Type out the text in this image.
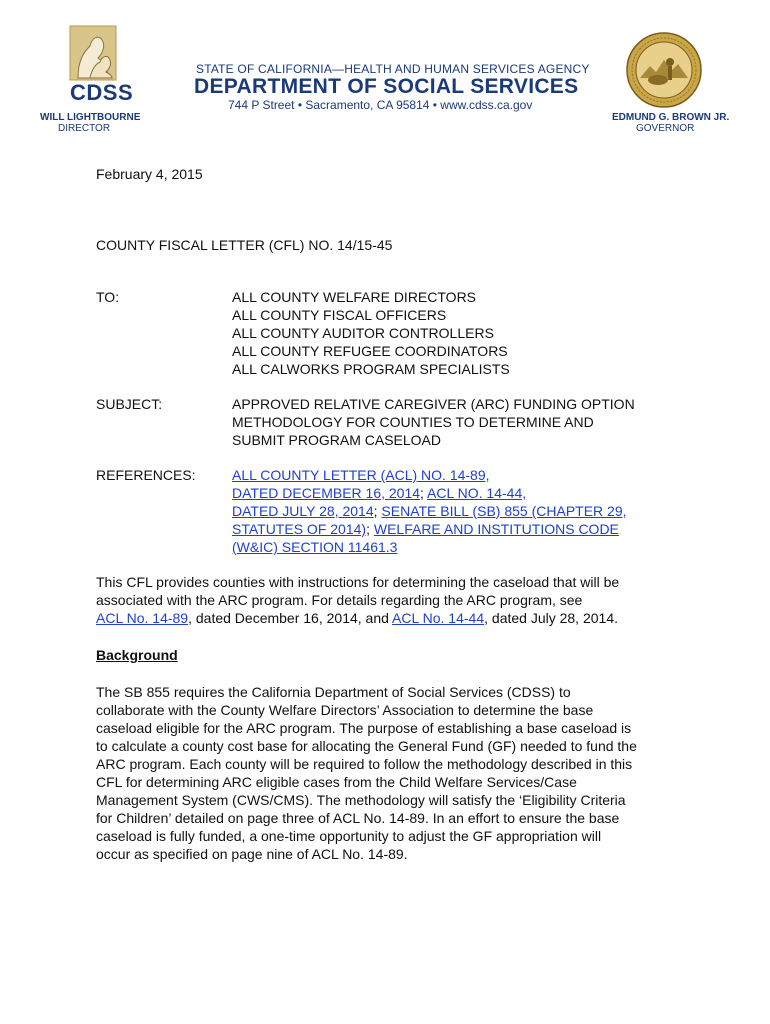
CDSS
WILL LIGHTBOURNE
DIRECTOR
STATE OF CALIFORNIA—HEALTH AND HUMAN SERVICES AGENCY
DEPARTMENT OF SOCIAL SERVICES
744 P Street • Sacramento, CA 95814 • www.cdss.ca.gov
EDMUND G. BROWN JR.
GOVERNOR
February 4, 2015
COUNTY FISCAL LETTER (CFL) NO. 14/15-45
TO:	ALL COUNTY WELFARE DIRECTORS
ALL COUNTY FISCAL OFFICERS
ALL COUNTY AUDITOR CONTROLLERS
ALL COUNTY REFUGEE COORDINATORS
ALL CALWORKS PROGRAM SPECIALISTS
SUBJECT:	APPROVED RELATIVE CAREGIVER (ARC) FUNDING OPTION
METHODOLOGY FOR COUNTIES TO DETERMINE AND
SUBMIT PROGRAM CASELOAD
REFERENCES:	ALL COUNTY LETTER (ACL) NO. 14-89,
DATED DECEMBER 16, 2014; ACL NO. 14-44,
DATED JULY 28, 2014; SENATE BILL (SB) 855 (CHAPTER 29,
STATUTES OF 2014); WELFARE AND INSTITUTIONS CODE
(W&IC) SECTION 11461.3
This CFL provides counties with instructions for determining the caseload that will be
associated with the ARC program. For details regarding the ARC program, see
ACL No. 14-89, dated December 16, 2014, and ACL No. 14-44, dated July 28, 2014.
Background
The SB 855 requires the California Department of Social Services (CDSS) to
collaborate with the County Welfare Directors’ Association to determine the base
caseload eligible for the ARC program. The purpose of establishing a base caseload is
to calculate a county cost base for allocating the General Fund (GF) needed to fund the
ARC program. Each county will be required to follow the methodology described in this
CFL for determining ARC eligible cases from the Child Welfare Services/Case
Management System (CWS/CMS). The methodology will satisfy the ‘Eligibility Criteria
for Children’ detailed on page three of ACL No. 14-89. In an effort to ensure the base
caseload is fully funded, a one-time opportunity to adjust the GF appropriation will
occur as specified on page nine of ACL No. 14-89.
